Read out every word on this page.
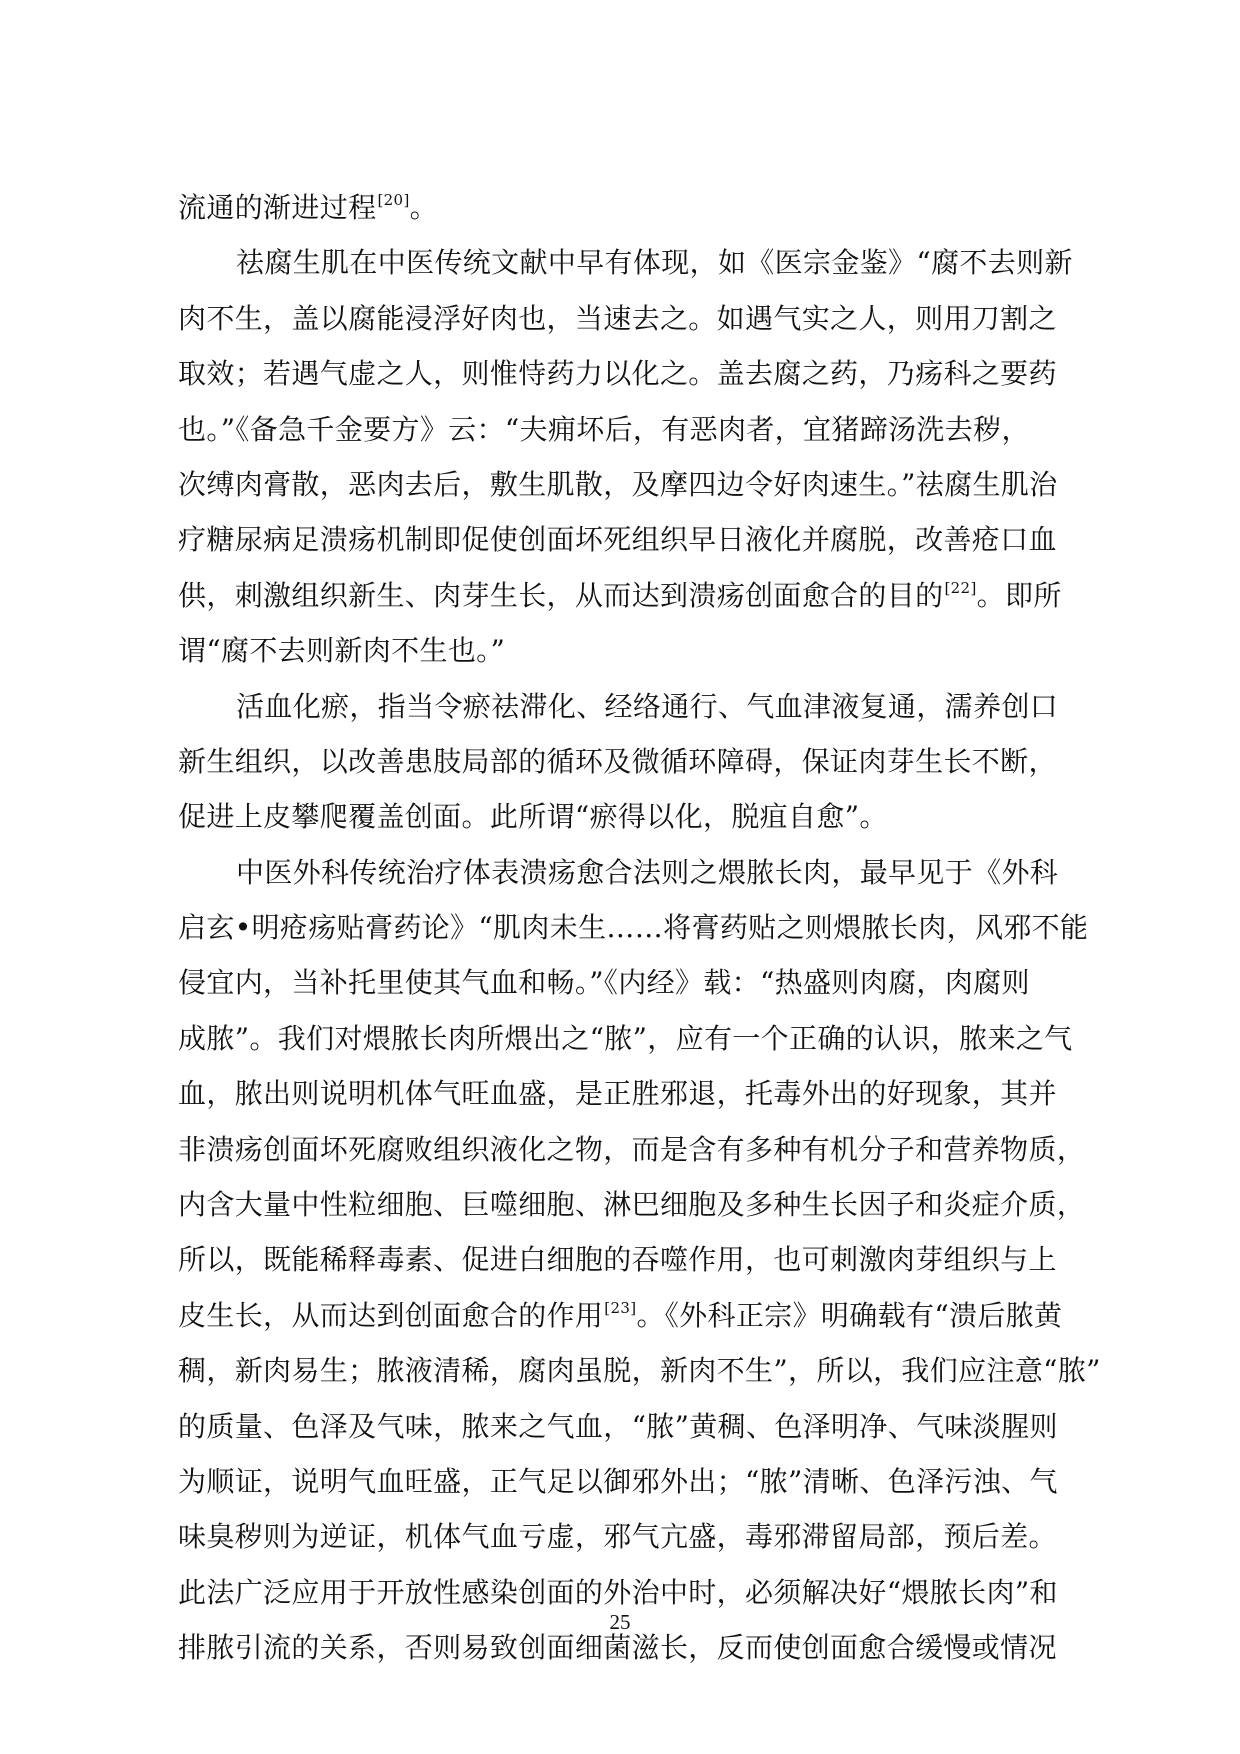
流通的渐进过程[20]。
祛腐生肌在中医传统文献中早有体现，如《医宗金鉴》“腐不去则新
肉不生，盖以腐能浸浮好肉也，当速去之。如遇气实之人，则用刀割之
取效；若遇气虚之人，则惟恃药力以化之。盖去腐之药，乃疡科之要药
也。”《备急千金要方》云：“夫痈坏后，有恶肉者，宜猪蹄汤洗去秽，
次缚肉膏散，恶肉去后，敷生肌散，及摩四边令好肉速生。”祛腐生肌治
疗糖尿病足溃疡机制即促使创面坏死组织早日液化并腐脱，改善疮口血
供，刺激组织新生、肉芽生长，从而达到溃疡创面愈合的目的[22]。即所
谓“腐不去则新肉不生也。”
活血化瘀，指当令瘀祛滞化、经络通行、气血津液复通，濡养创口
新生组织，以改善患肢局部的循环及微循环障碍，保证肉芽生长不断，
促进上皮攀爬覆盖创面。此所谓“瘀得以化，脱疽自愈”。
中医外科传统治疗体表溃疡愈合法则之煨脓长肉，最早见于《外科
启玄•明疮疡贴膏药论》“肌肉未生……将膏药贴之则煨脓长肉，风邪不能
侵宜内，当补托里使其气血和畅。”《内经》载：“热盛则肉腐，肉腐则
成脓”。我们对煨脓长肉所煨出之“脓”，应有一个正确的认识，脓来之气
血，脓出则说明机体气旺血盛，是正胜邪退，托毒外出的好现象，其并
非溃疡创面坏死腐败组织液化之物，而是含有多种有机分子和营养物质，
内含大量中性粒细胞、巨噬细胞、淋巴细胞及多种生长因子和炎症介质，
所以，既能稀释毒素、促进白细胞的吞噬作用，也可刺激肉芽组织与上
皮生长，从而达到创面愈合的作用[23]。《外科正宗》明确载有“溃后脓黄
稠，新肉易生；脓液清稀，腐肉虽脱，新肉不生”，所以，我们应注意“脓”
的质量、色泽及气味，脓来之气血，“脓”黄稠、色泽明净、气味淡腥则
为顺证，说明气血旺盛，正气足以御邪外出；“脓”清晰、色泽污浊、气
味臭秽则为逆证，机体气血亏虚，邪气亢盛，毒邪滞留局部，预后差。
此法广泛应用于开放性感染创面的外治中时，必须解决好“煨脓长肉”和
排脓引流的关系，否则易致创面细菌滋长，反而使创面愈合缓慢或情况
25
